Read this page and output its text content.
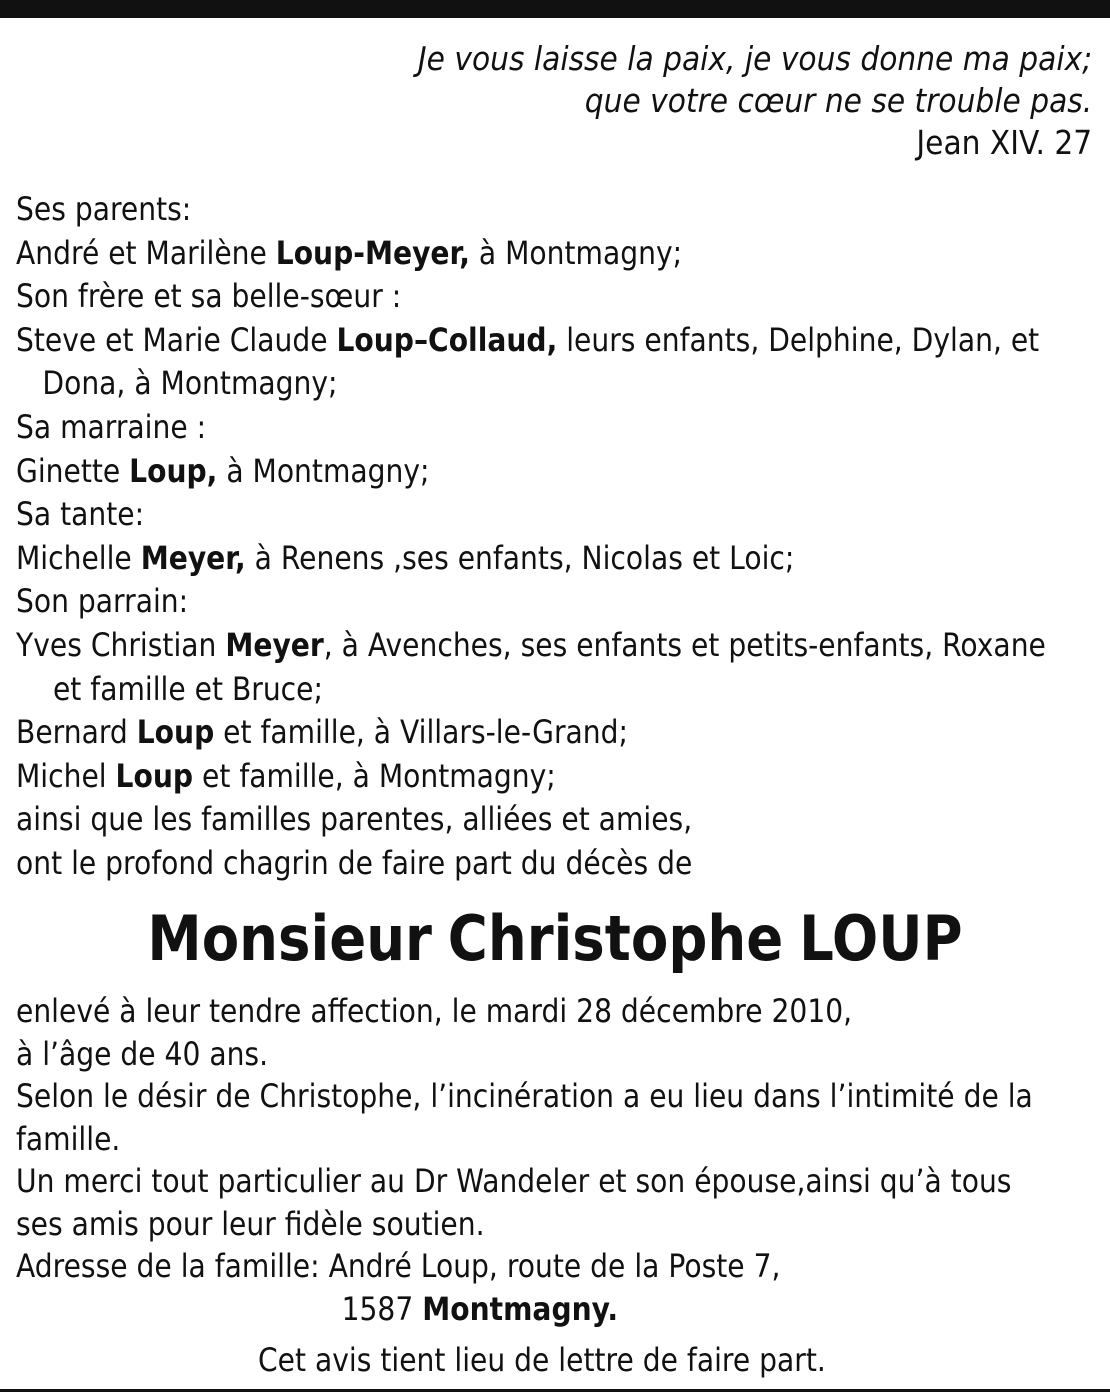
Je vous laisse la paix, je vous donne ma paix;
que votre cœur ne se trouble pas.
Jean XIV. 27
Ses parents:
André et Marilène Loup-Meyer, à Montmagny;
Son frère et sa belle-sœur :
Steve et Marie Claude Loup–Collaud, leurs enfants, Delphine, Dylan, et
Dona, à Montmagny;
Sa marraine :
Ginette Loup, à Montmagny;
Sa tante:
Michelle Meyer, à Renens ,ses enfants, Nicolas et Loic;
Son parrain:
Yves Christian Meyer, à Avenches, ses enfants et petits-enfants, Roxane
et famille et Bruce;
Bernard Loup et famille, à Villars-le-Grand;
Michel Loup et famille, à Montmagny;
ainsi que les familles parentes, alliées et amies,
ont le profond chagrin de faire part du décès de
Monsieur Christophe LOUP
enlevé à leur tendre affection, le mardi 28 décembre 2010,
à l’âge de 40 ans.
Selon le désir de Christophe, l’incinération a eu lieu dans l’intimité de la
famille.
Un merci tout particulier au Dr Wandeler et son épouse,ainsi qu’à tous
ses amis pour leur fidèle soutien.
Adresse de la famille: André Loup, route de la Poste 7,
1587 Montmagny.
Cet avis tient lieu de lettre de faire part.
